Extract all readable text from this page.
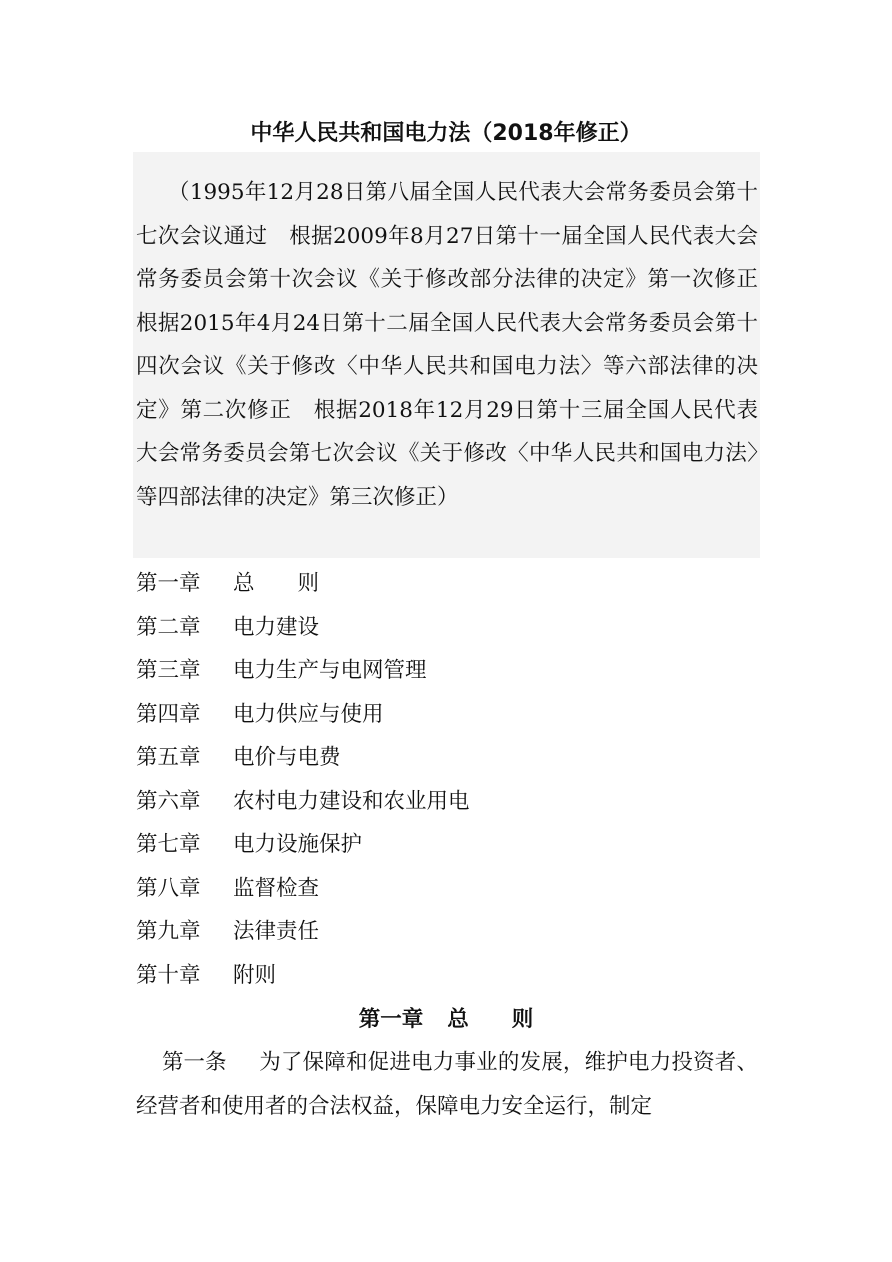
中华人民共和国电力法（2018年修正）
（1995年12月28日第八届全国人民代表大会常务委员会第十七次会议通过　根据2009年8月27日第十一届全国人民代表大会常务委员会第十次会议《关于修改部分法律的决定》第一次修正　根据2015年4月24日第十二届全国人民代表大会常务委员会第十四次会议《关于修改〈中华人民共和国电力法〉等六部法律的决定》第二次修正　根据2018年12月29日第十三届全国人民代表大会常务委员会第七次会议《关于修改〈中华人民共和国电力法〉等四部法律的决定》第三次修正）
第一章 总　　则
第二章 电力建设
第三章 电力生产与电网管理
第四章 电力供应与使用
第五章 电价与电费
第六章 农村电力建设和农业用电
第七章 电力设施保护
第八章 监督检查
第九章 法律责任
第十章 附则
第一章 总　　则
第一条 为了保障和促进电力事业的发展，维护电力投资者、经营者和使用者的合法权益，保障电力安全运行，制定
